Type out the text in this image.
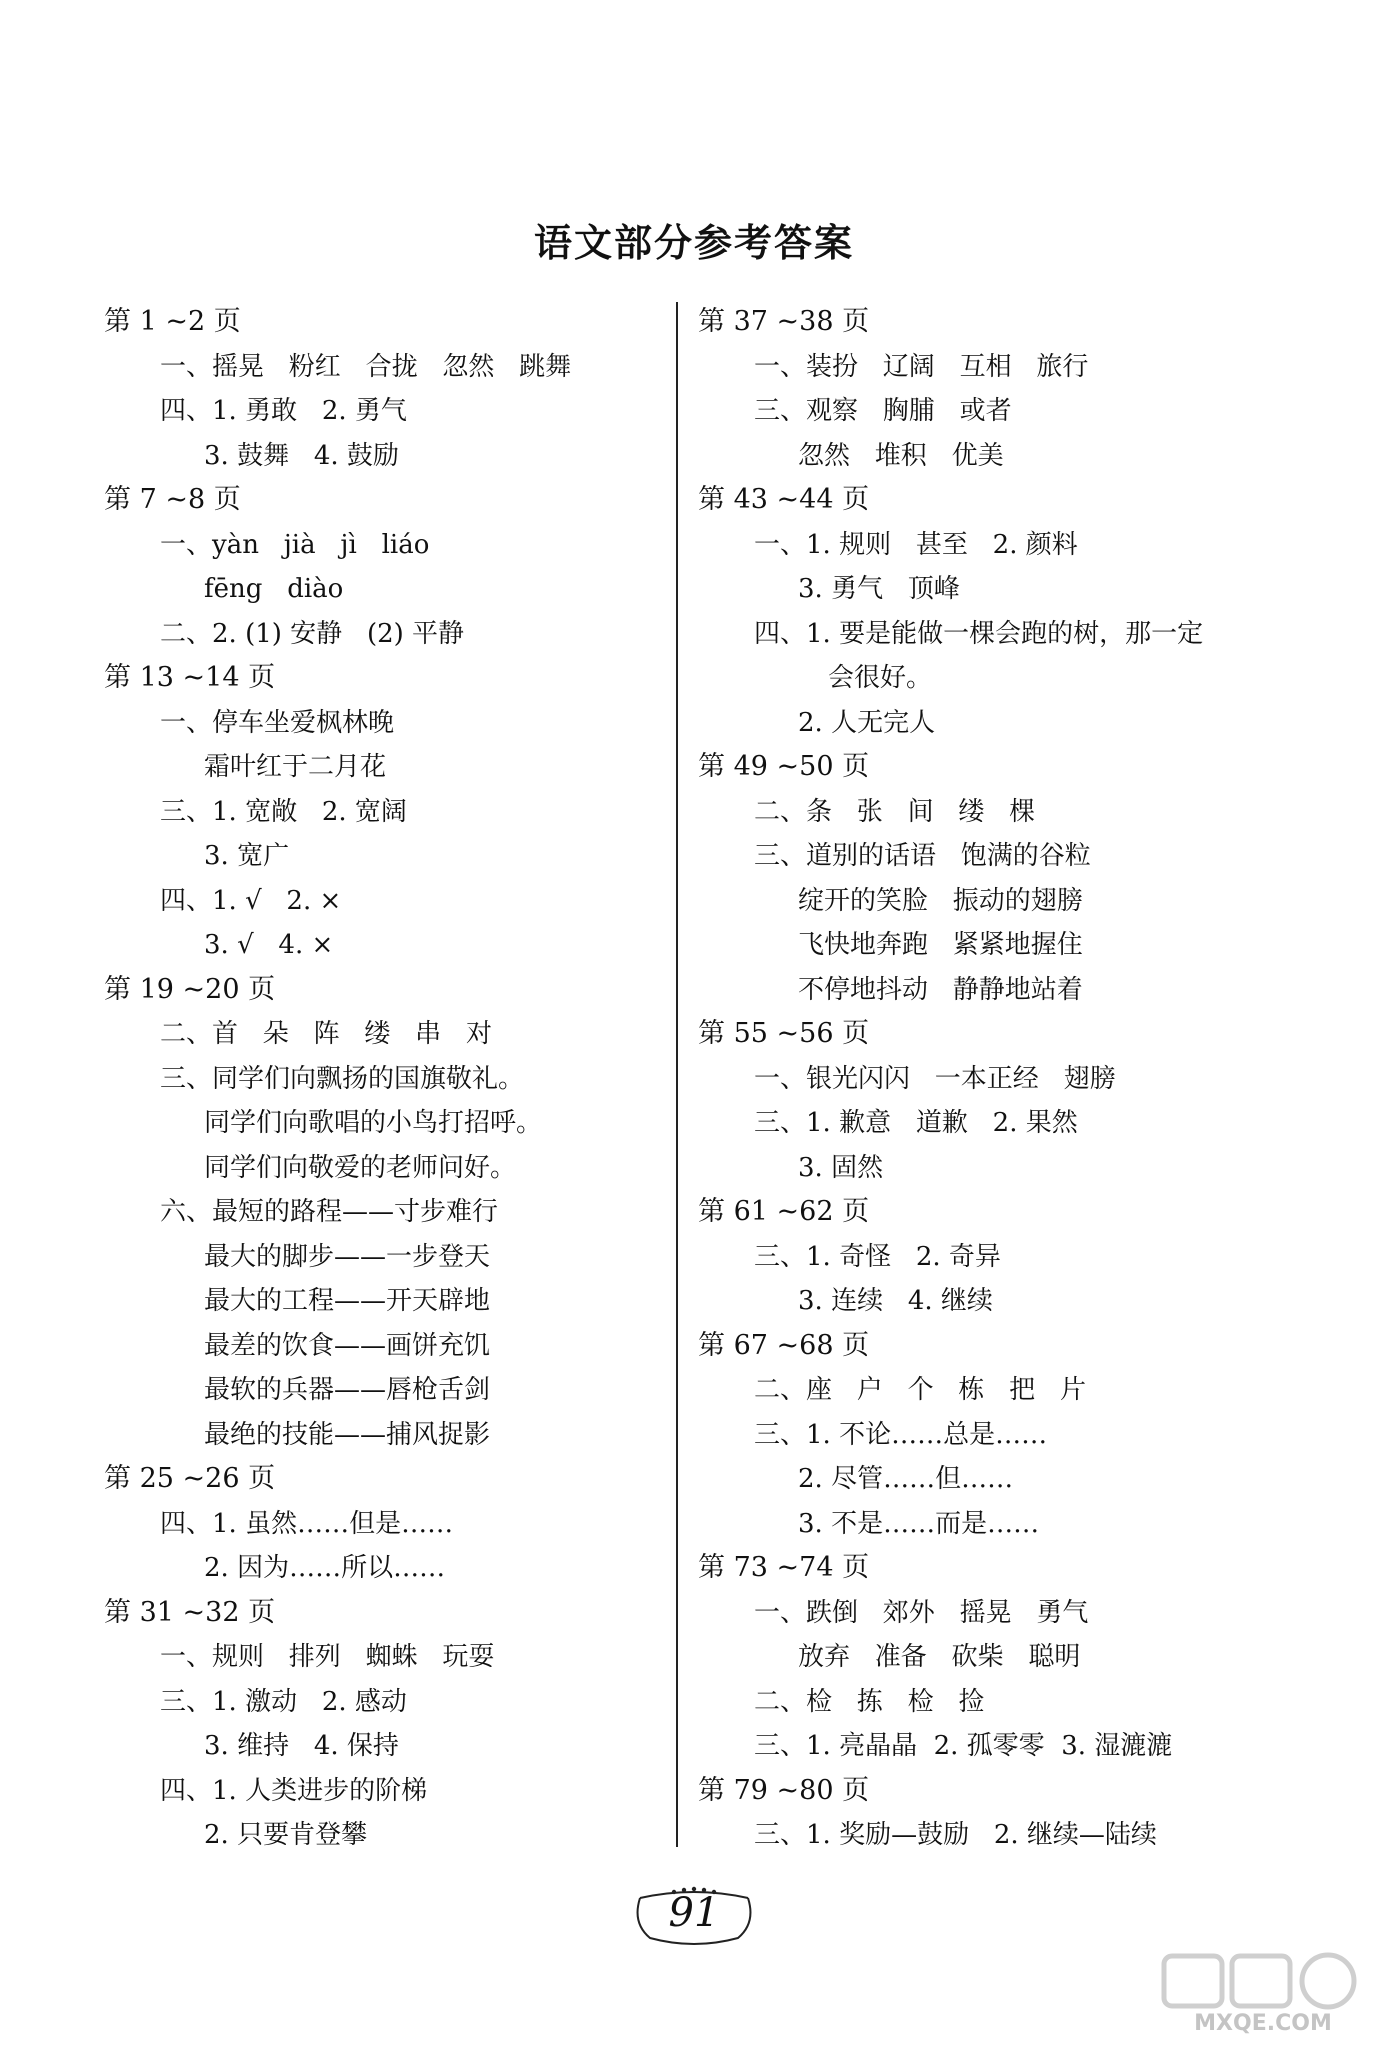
语文部分参考答案
第 1 ~2 页
一、摇晃   粉红   合拢   忽然   跳舞
四、1. 勇敢   2. 勇气
3. 鼓舞   4. 鼓励
第 7 ~8 页
一、yàn   jià   jì   liáo
fēng   diào
二、2. (1) 安静   (2) 平静
第 13 ~14 页
一、停车坐爱枫林晚
霜叶红于二月花
三、1. 宽敞   2. 宽阔
3. 宽广
四、1. √   2. ×
3. √   4. ×
第 19 ~20 页
二、首   朵   阵   缕   串   对
三、同学们向飘扬的国旗敬礼。
同学们向歌唱的小鸟打招呼。
同学们向敬爱的老师问好。
六、最短的路程——寸步难行
最大的脚步——一步登天
最大的工程——开天辟地
最差的饮食——画饼充饥
最软的兵器——唇枪舌剑
最绝的技能——捕风捉影
第 25 ~26 页
四、1. 虽然……但是……
2. 因为……所以……
第 31 ~32 页
一、规则   排列   蜘蛛   玩耍
三、1. 激动   2. 感动
3. 维持   4. 保持
四、1. 人类进步的阶梯
2. 只要肯登攀
第 37 ~38 页
一、装扮   辽阔   互相   旅行
三、观察   胸脯   或者
忽然   堆积   优美
第 43 ~44 页
一、1. 规则   甚至   2. 颜料
3. 勇气   顶峰
四、1. 要是能做一棵会跑的树，那一定
会很好。
2. 人无完人
第 49 ~50 页
二、条   张   间   缕   棵
三、道别的话语   饱满的谷粒
绽开的笑脸   振动的翅膀
飞快地奔跑   紧紧地握住
不停地抖动   静静地站着
第 55 ~56 页
一、银光闪闪   一本正经   翅膀
三、1. 歉意   道歉   2. 果然
3. 固然
第 61 ~62 页
三、1. 奇怪   2. 奇异
3. 连续   4. 继续
第 67 ~68 页
二、座   户   个   栋   把   片
三、1. 不论……总是……
2. 尽管……但……
3. 不是……而是……
第 73 ~74 页
一、跌倒   郊外   摇晃   勇气
放弃   准备   砍柴   聪明
二、检   拣   检   捡
三、1. 亮晶晶  2. 孤零零  3. 湿漉漉
第 79 ~80 页
三、1. 奖励—鼓励   2. 继续—陆续
91
MXQE.COM
